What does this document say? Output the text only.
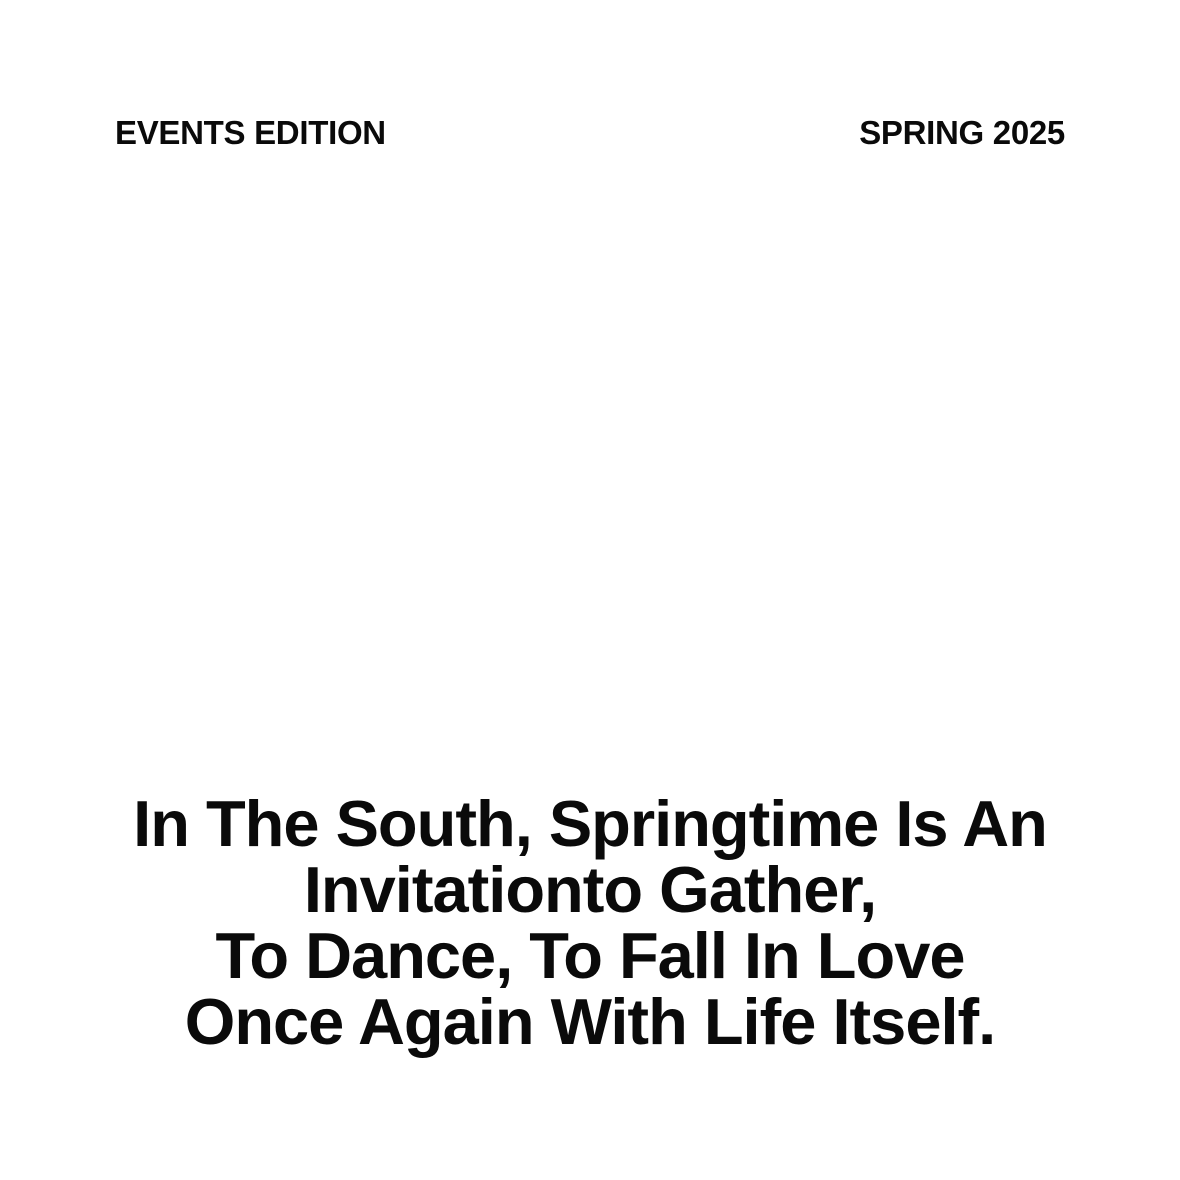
EVENTS EDITION	SPRING 2025
In The South, Springtime Is An
Invitationto Gather,
To Dance, To Fall In Love
Once Again With Life Itself.
